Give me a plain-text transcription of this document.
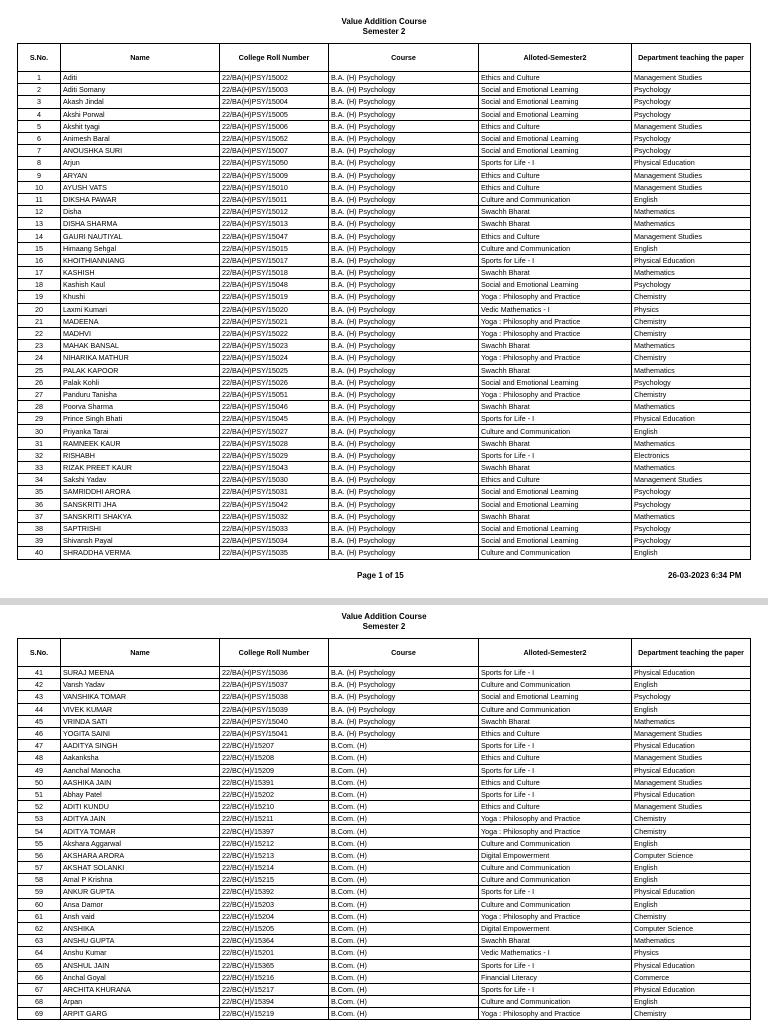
Value Addition Course
Semester 2
S.No.	Name	College Roll Number	Course	Alloted-Semester2	Department teaching the paper
1	Aditi	22/BA(H)PSY/15002	B.A. (H) Psychology	Ethics and Culture	Management Studies
2	Aditi Somany	22/BA(H)PSY/15003	B.A. (H) Psychology	Social and Emotional Learning	Psychology
3	Akash Jindal	22/BA(H)PSY/15004	B.A. (H) Psychology	Social and Emotional Learning	Psychology
4	Akshi Porwal	22/BA(H)PSY/15005	B.A. (H) Psychology	Social and Emotional Learning	Psychology
5	Akshit tyagi	22/BA(H)PSY/15006	B.A. (H) Psychology	Ethics and Culture	Management Studies
6	Animesh Baral	22/BA(H)PSY/15052	B.A. (H) Psychology	Social and Emotional Learning	Psychology
7	ANOUSHKA SURI	22/BA(H)PSY/15007	B.A. (H) Psychology	Social and Emotional Learning	Psychology
8	Arjun	22/BA(H)PSY/15050	B.A. (H) Psychology	Sports for Life - I	Physical Education
9	ARYAN	22/BA(H)PSY/15009	B.A. (H) Psychology	Ethics and Culture	Management Studies
10	AYUSH VATS	22/BA(H)PSY/15010	B.A. (H) Psychology	Ethics and Culture	Management Studies
11	DIKSHA PAWAR	22/BA(H)PSY/15011	B.A. (H) Psychology	Culture and Communication	English
12	Disha	22/BA(H)PSY/15012	B.A. (H) Psychology	Swachh Bharat	Mathematics
13	DISHA SHARMA	22/BA(H)PSY/15013	B.A. (H) Psychology	Swachh Bharat	Mathematics
14	GAURI NAUTIYAL	22/BA(H)PSY/15047	B.A. (H) Psychology	Ethics and Culture	Management Studies
15	Himaang Sehgal	22/BA(H)PSY/15015	B.A. (H) Psychology	Culture and Communication	English
16	KHOITHIANNIANG	22/BA(H)PSY/15017	B.A. (H) Psychology	Sports for Life - I	Physical Education
17	KASHISH	22/BA(H)PSY/15018	B.A. (H) Psychology	Swachh Bharat	Mathematics
18	Kashish Kaul	22/BA(H)PSY/15048	B.A. (H) Psychology	Social and Emotional Learning	Psychology
19	Khushi	22/BA(H)PSY/15019	B.A. (H) Psychology	Yoga : Philosophy and Practice	Chemistry
20	Laxmi Kumari	22/BA(H)PSY/15020	B.A. (H) Psychology	Vedic Mathematics - I	Physics
21	MADEENA	22/BA(H)PSY/15021	B.A. (H) Psychology	Yoga : Philosophy and Practice	Chemistry
22	MADHVI	22/BA(H)PSY/15022	B.A. (H) Psychology	Yoga : Philosophy and Practice	Chemistry
23	MAHAK BANSAL	22/BA(H)PSY/15023	B.A. (H) Psychology	Swachh Bharat	Mathematics
24	NIHARIKA MATHUR	22/BA(H)PSY/15024	B.A. (H) Psychology	Yoga : Philosophy and Practice	Chemistry
25	PALAK KAPOOR	22/BA(H)PSY/15025	B.A. (H) Psychology	Swachh Bharat	Mathematics
26	Palak Kohli	22/BA(H)PSY/15026	B.A. (H) Psychology	Social and Emotional Learning	Psychology
27	Panduru Tanisha	22/BA(H)PSY/15051	B.A. (H) Psychology	Yoga : Philosophy and Practice	Chemistry
28	Poorva Sharma	22/BA(H)PSY/15046	B.A. (H) Psychology	Swachh Bharat	Mathematics
29	Prince Singh Bhati	22/BA(H)PSY/15045	B.A. (H) Psychology	Sports for Life - I	Physical Education
30	Priyanka Tarai	22/BA(H)PSY/15027	B.A. (H) Psychology	Culture and Communication	English
31	RAMNEEK KAUR	22/BA(H)PSY/15028	B.A. (H) Psychology	Swachh Bharat	Mathematics
32	RISHABH	22/BA(H)PSY/15029	B.A. (H) Psychology	Sports for Life - I	Electronics
33	RIZAK PREET KAUR	22/BA(H)PSY/15043	B.A. (H) Psychology	Swachh Bharat	Mathematics
34	Sakshi Yadav	22/BA(H)PSY/15030	B.A. (H) Psychology	Ethics and Culture	Management Studies
35	SAMRIDDHI ARORA	22/BA(H)PSY/15031	B.A. (H) Psychology	Social and Emotional Learning	Psychology
36	SANSKRITI JHA	22/BA(H)PSY/15042	B.A. (H) Psychology	Social and Emotional Learning	Psychology
37	SANSKRITI SHAKYA	22/BA(H)PSY/15032	B.A. (H) Psychology	Swachh Bharat	Mathematics
38	SAPTRISHI	22/BA(H)PSY/15033	B.A. (H) Psychology	Social and Emotional Learning	Psychology
39	Shivansh Payal	22/BA(H)PSY/15034	B.A. (H) Psychology	Social and Emotional Learning	Psychology
40	SHRADDHA VERMA	22/BA(H)PSY/15035	B.A. (H) Psychology	Culture and Communication	English
Page 1 of 15	26-03-2023 6:34 PM
Value Addition Course
Semester 2
S.No.	Name	College Roll Number	Course	Alloted-Semester2	Department teaching the paper
41	SURAJ MEENA	22/BA(H)PSY/15036	B.A. (H) Psychology	Sports for Life - I	Physical Education
42	Vansh Yadav	22/BA(H)PSY/15037	B.A. (H) Psychology	Culture and Communication	English
43	VANSHIKA TOMAR	22/BA(H)PSY/15038	B.A. (H) Psychology	Social and Emotional Learning	Psychology
44	VIVEK KUMAR	22/BA(H)PSY/15039	B.A. (H) Psychology	Culture and Communication	English
45	VRINDA SATI	22/BA(H)PSY/15040	B.A. (H) Psychology	Swachh Bharat	Mathematics
46	YOGITA SAINI	22/BA(H)PSY/15041	B.A. (H) Psychology	Ethics and Culture	Management Studies
47	AADITYA SINGH	22/BC(H)/15207	B.Com. (H)	Sports for Life - I	Physical Education
48	Aakanksha	22/BC(H)/15208	B.Com. (H)	Ethics and Culture	Management Studies
49	Aanchal Manocha	22/BC(H)/15209	B.Com. (H)	Sports for Life - I	Physical Education
50	AASHIKA JAIN	22/BC(H)/15391	B.Com. (H)	Ethics and Culture	Management Studies
51	Abhay Patel	22/BC(H)/15202	B.Com. (H)	Sports for Life - I	Physical Education
52	ADITI KUNDU	22/BC(H)/15210	B.Com. (H)	Ethics and Culture	Management Studies
53	ADITYA JAIN	22/BC(H)/15211	B.Com. (H)	Yoga : Philosophy and Practice	Chemistry
54	ADITYA TOMAR	22/BC(H)/15397	B.Com. (H)	Yoga : Philosophy and Practice	Chemistry
55	Akshara Aggarwal	22/BC(H)/15212	B.Com. (H)	Culture and Communication	English
56	AKSHARA ARORA	22/BC(H)/15213	B.Com. (H)	Digital Empowerment	Computer Science
57	AKSHAT SOLANKI	22/BC(H)/15214	B.Com. (H)	Culture and Communication	English
58	Amal P Krishna	22/BC(H)/15215	B.Com. (H)	Culture and Communication	English
59	ANKUR GUPTA	22/BC(H)/15392	B.Com. (H)	Sports for Life - I	Physical Education
60	Ansa Damor	22/BC(H)/15203	B.Com. (H)	Culture and Communication	English
61	Ansh vaid	22/BC(H)/15204	B.Com. (H)	Yoga : Philosophy and Practice	Chemistry
62	ANSHIKA	22/BC(H)/15205	B.Com. (H)	Digital Empowerment	Computer Science
63	ANSHU GUPTA	22/BC(H)/15364	B.Com. (H)	Swachh Bharat	Mathematics
64	Anshu Kumar	22/BC(H)/15201	B.Com. (H)	Vedic Mathematics - I	Physics
65	ANSHUL JAIN	22/BC(H)/15365	B.Com. (H)	Sports for Life - I	Physical Education
66	Anchal Goyal	22/BC(H)/15216	B.Com. (H)	Financial Literacy	Commerce
67	ARCHITA KHURANA	22/BC(H)/15217	B.Com. (H)	Sports for Life - I	Physical Education
68	Arpan	22/BC(H)/15394	B.Com. (H)	Culture and Communication	English
69	ARPIT GARG	22/BC(H)/15219	B.Com. (H)	Yoga : Philosophy and Practice	Chemistry
